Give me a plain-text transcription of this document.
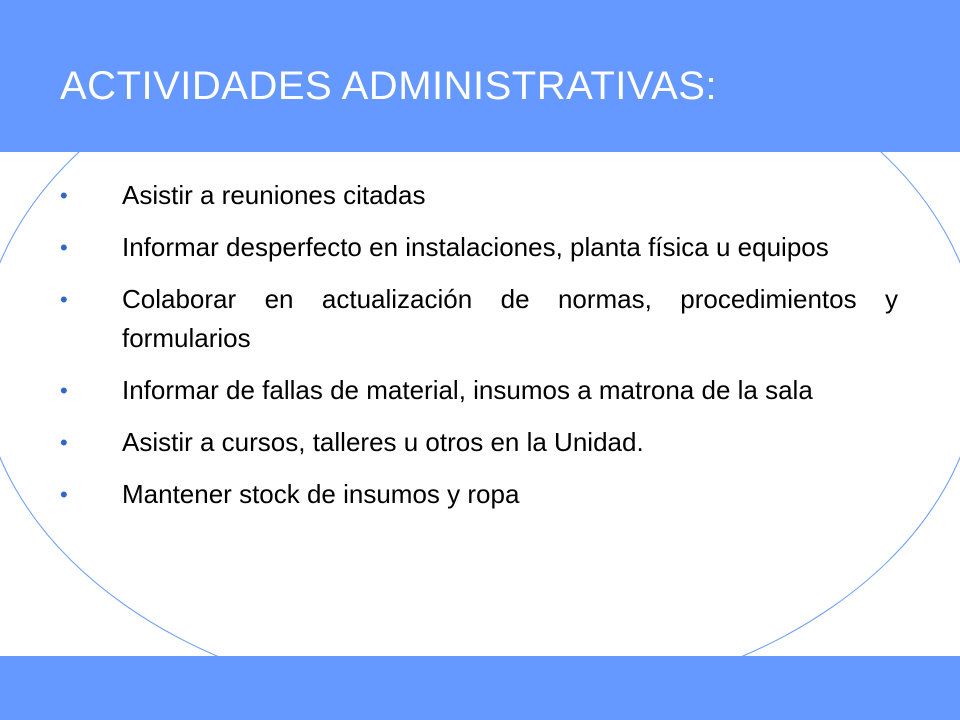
ACTIVIDADES ADMINISTRATIVAS:
•	Asistir a reuniones citadas
•	Informar desperfecto en instalaciones, planta física u equipos
•	Colaborar en actualización de normas, procedimientos y formularios
•	Informar de fallas de material, insumos a matrona de la sala
•	Asistir a cursos, talleres u otros en la Unidad.
•	Mantener stock de insumos y ropa
